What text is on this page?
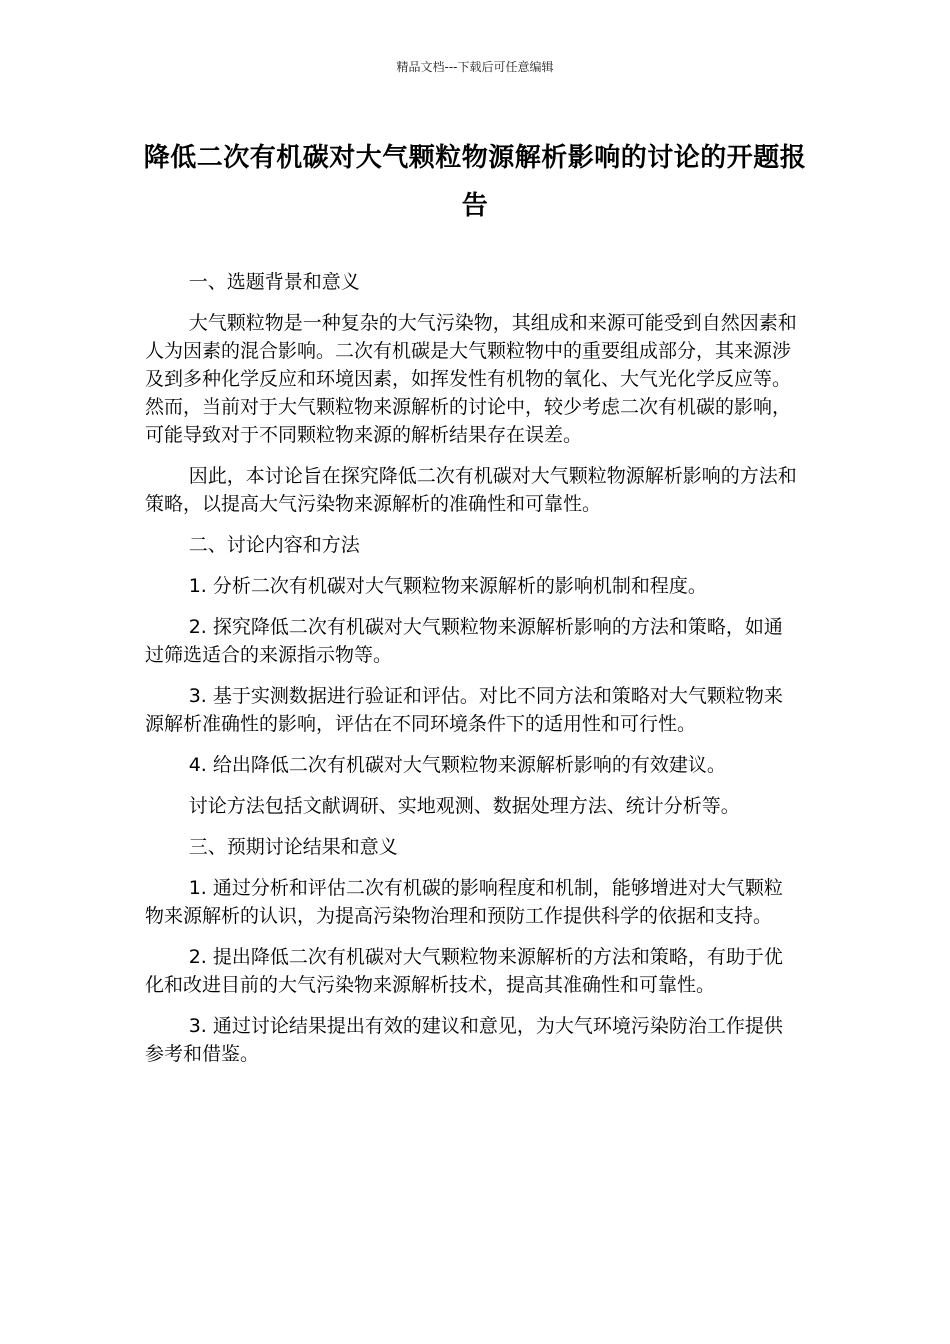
精品文档---下载后可任意编辑
降低二次有机碳对大气颗粒物源解析影响的讨论的开题报告

一、选题背景和意义

大气颗粒物是一种复杂的大气污染物，其组成和来源可能受到自然因素和人为因素的混合影响。二次有机碳是大气颗粒物中的重要组成部分，其来源涉及到多种化学反应和环境因素，如挥发性有机物的氧化、大气光化学反应等。然而，当前对于大气颗粒物来源解析的讨论中，较少考虑二次有机碳的影响，可能导致对于不同颗粒物来源的解析结果存在误差。

因此，本讨论旨在探究降低二次有机碳对大气颗粒物源解析影响的方法和策略，以提高大气污染物来源解析的准确性和可靠性。

二、讨论内容和方法

1. 分析二次有机碳对大气颗粒物来源解析的影响机制和程度。

2. 探究降低二次有机碳对大气颗粒物来源解析影响的方法和策略，如通过筛选适合的来源指示物等。

3. 基于实测数据进行验证和评估。对比不同方法和策略对大气颗粒物来源解析准确性的影响，评估在不同环境条件下的适用性和可行性。

4. 给出降低二次有机碳对大气颗粒物来源解析影响的有效建议。

讨论方法包括文献调研、实地观测、数据处理方法、统计分析等。

三、预期讨论结果和意义

1. 通过分析和评估二次有机碳的影响程度和机制，能够增进对大气颗粒物来源解析的认识，为提高污染物治理和预防工作提供科学的依据和支持。

2. 提出降低二次有机碳对大气颗粒物来源解析的方法和策略，有助于优化和改进目前的大气污染物来源解析技术，提高其准确性和可靠性。

3. 通过讨论结果提出有效的建议和意见，为大气环境污染防治工作提供参考和借鉴。
